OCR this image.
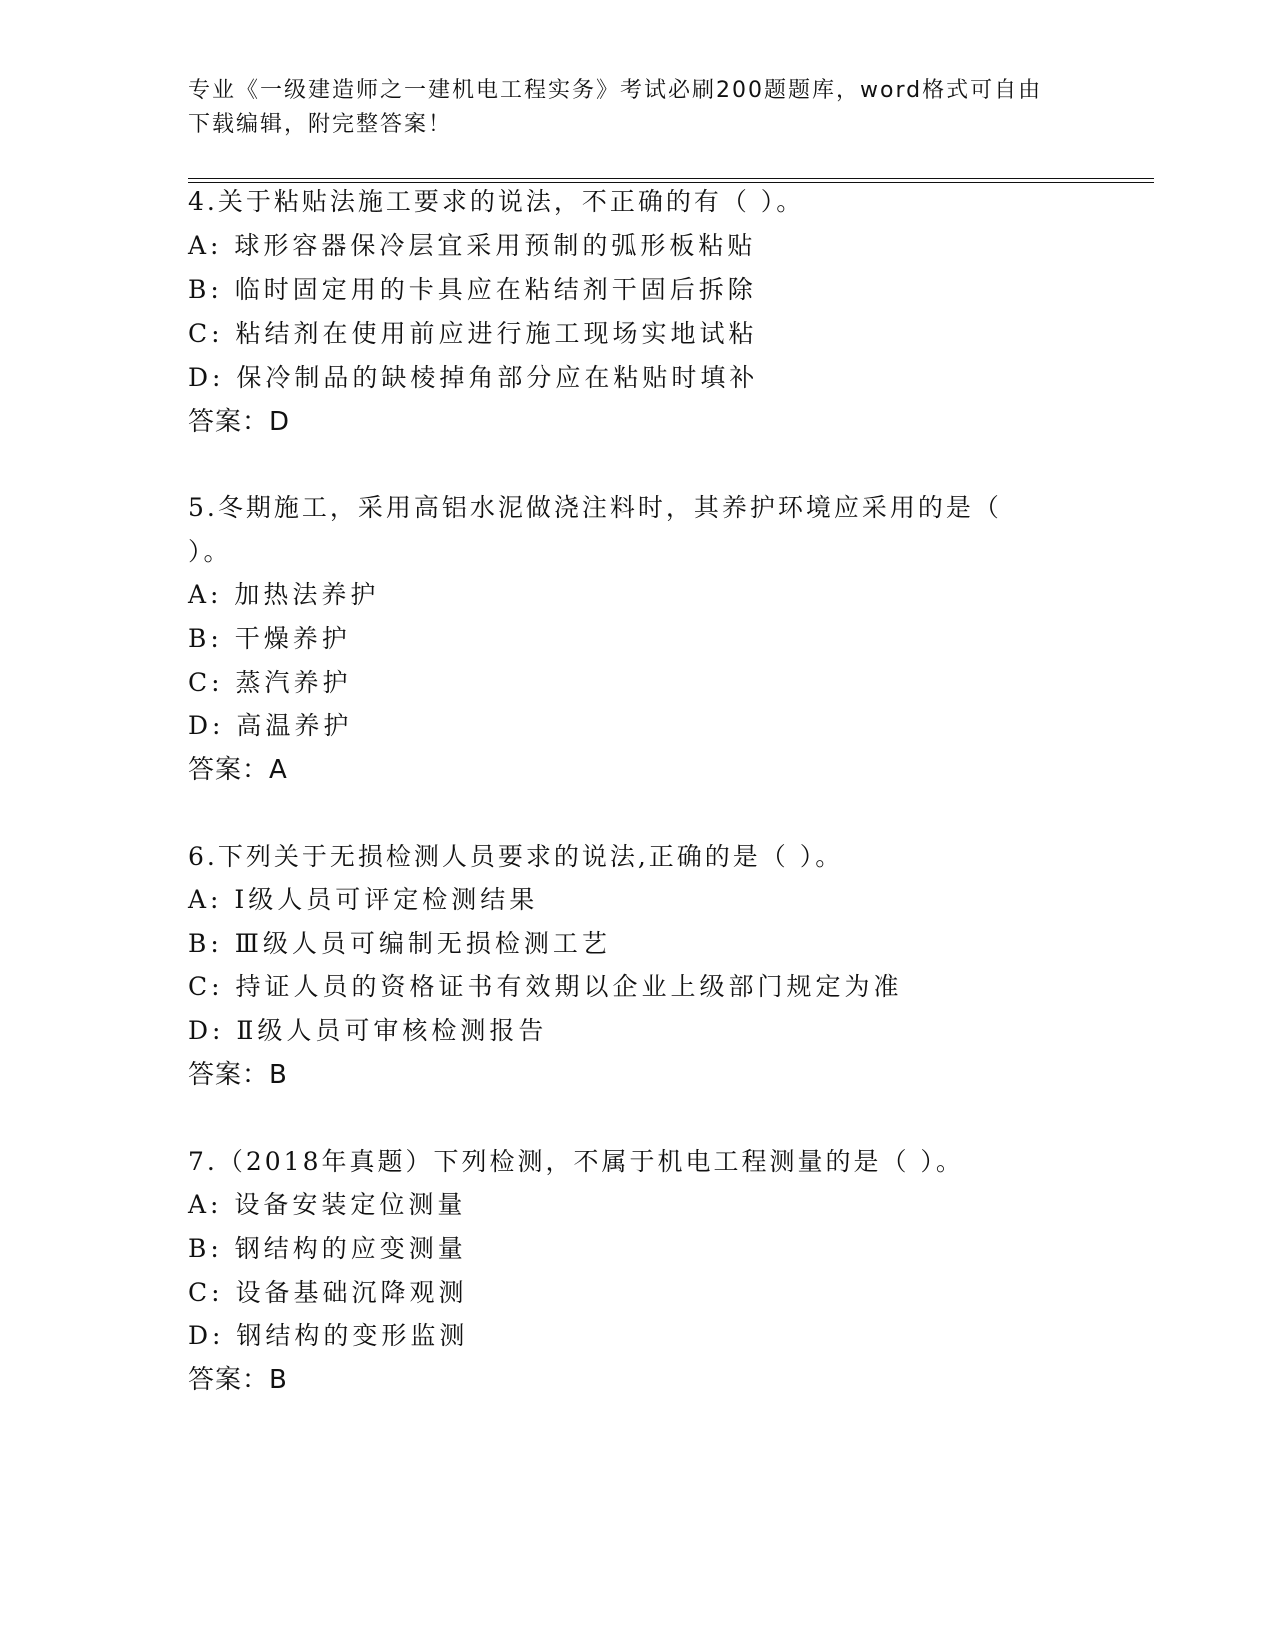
专业《一级建造师之一建机电工程实务》考试必刷200题题库，word格式可自由
下载编辑，附完整答案！
4.关于粘贴法施工要求的说法，不正确的有（ ）。
A: 球形容器保冷层宜采用预制的弧形板粘贴
B: 临时固定用的卡具应在粘结剂干固后拆除
C: 粘结剂在使用前应进行施工现场实地试粘
D: 保冷制品的缺棱掉角部分应在粘贴时填补
答案：D
5.冬期施工，采用高铝水泥做浇注料时，其养护环境应采用的是（
）。
A: 加热法养护
B: 干燥养护
C: 蒸汽养护
D: 高温养护
答案：A
6.下列关于无损检测人员要求的说法,正确的是（ ）。
A: Ⅰ级人员可评定检测结果
B: Ⅲ级人员可编制无损检测工艺
C: 持证人员的资格证书有效期以企业上级部门规定为准
D: Ⅱ级人员可审核检测报告
答案：B
7.（2018年真题）下列检测，不属于机电工程测量的是（ ）。
A: 设备安装定位测量
B: 钢结构的应变测量
C: 设备基础沉降观测
D: 钢结构的变形监测
答案：B
